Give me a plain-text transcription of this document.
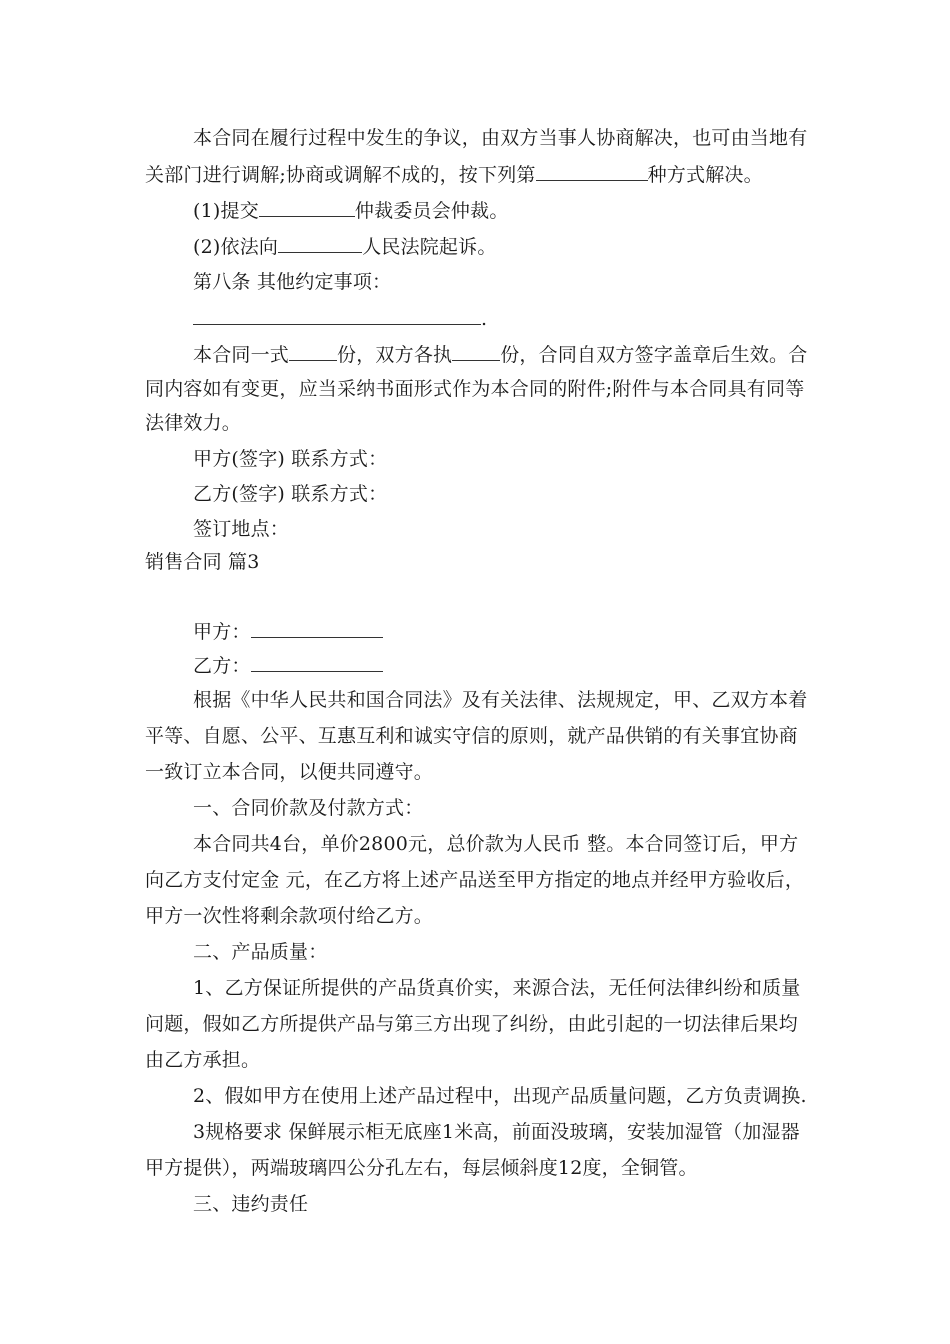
本合同在履行过程中发生的争议，由双方当事人协商解决，也可由当地有
关部门进行调解;协商或调解不成的，按下列第	种方式解决。
(1)提交	仲裁委员会仲裁。
(2)依法向	人民法院起诉。
第八条 其他约定事项：
.
本合同一式	份，双方各执	份，合同自双方签字盖章后生效。合
同内容如有变更，应当采纳书面形式作为本合同的附件;附件与本合同具有同等
法律效力。
甲方(签字) 联系方式：
乙方(签字) 联系方式：
签订地点：
销售合同 篇3
甲方：
乙方：
根据《中华人民共和国合同法》及有关法律、法规规定，甲、乙双方本着
平等、自愿、公平、互惠互利和诚实守信的原则，就产品供销的有关事宜协商
一致订立本合同，以便共同遵守。
一、合同价款及付款方式：
本合同共4台，单价2800元，总价款为人民币 整。本合同签订后，甲方
向乙方支付定金 元，在乙方将上述产品送至甲方指定的地点并经甲方验收后，
甲方一次性将剩余款项付给乙方。
二、产品质量：
1、乙方保证所提供的产品货真价实，来源合法，无任何法律纠纷和质量
问题，假如乙方所提供产品与第三方出现了纠纷，由此引起的一切法律后果均
由乙方承担。
2、假如甲方在使用上述产品过程中，出现产品质量问题，乙方负责调换.
3规格要求 保鲜展示柜无底座1米高，前面没玻璃，安装加湿管（加湿器
甲方提供），两端玻璃四公分孔左右，每层倾斜度12度，全铜管。
三、违约责任
